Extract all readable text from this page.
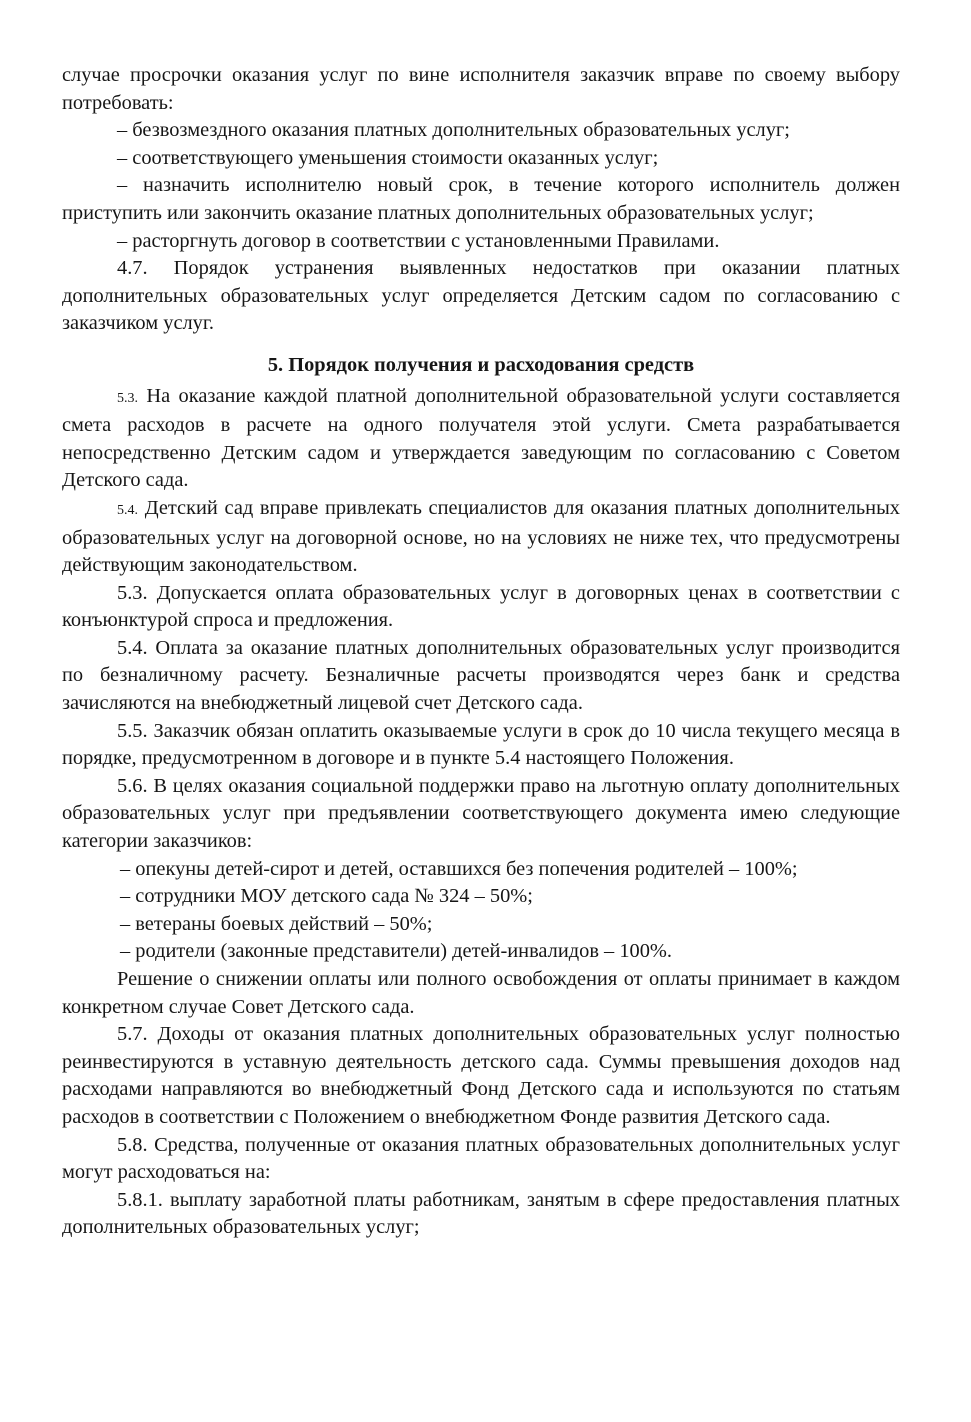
случае просрочки оказания услуг по вине исполнителя заказчик вправе по своему выбору потребовать:

– безвозмездного оказания платных дополнительных образовательных услуг;

– соответствующего уменьшения стоимости оказанных услуг;

– назначить исполнителю новый срок, в течение которого исполнитель должен приступить или закончить оказание платных дополнительных образовательных услуг;

– расторгнуть договор в соответствии с установленными Правилами.

4.7. Порядок устранения выявленных недостатков при оказании платных дополнительных образовательных услуг определяется Детским садом по согласованию с заказчиком услуг.

5. Порядок получения и расходования средств

5.3. На оказание каждой платной дополнительной образовательной услуги составляется смета расходов в расчете на одного получателя этой услуги. Смета разрабатывается непосредственно Детским садом и утверждается заведующим по согласованию с Советом Детского сада.

5.4. Детский сад вправе привлекать специалистов для оказания платных дополнительных образовательных услуг на договорной основе, но на условиях не ниже тех, что предусмотрены действующим законодательством.

5.3. Допускается оплата образовательных услуг в договорных ценах в соответствии с конъюнктурой спроса и предложения.

5.4. Оплата за оказание платных дополнительных образовательных услуг производится по безналичному расчету. Безналичные расчеты производятся через банк и средства зачисляются на внебюджетный лицевой счет Детского сада.

5.5. Заказчик обязан оплатить оказываемые услуги в срок до 10 числа текущего месяца в порядке, предусмотренном в договоре и в пункте 5.4 настоящего Положения.

5.6. В целях оказания социальной поддержки право на льготную оплату дополнительных образовательных услуг при предъявлении соответствующего документа имею следующие категории заказчиков:

– опекуны детей-сирот и детей, оставшихся без попечения родителей – 100%;

– сотрудники МОУ детского сада № 324 – 50%;

– ветераны боевых действий – 50%;

– родители (законные представители) детей-инвалидов – 100%.

Решение о снижении оплаты или полного освобождения от оплаты принимает в каждом конкретном случае Совет Детского сада.

5.7. Доходы от оказания платных дополнительных образовательных услуг полностью реинвестируются в уставную деятельность детского сада. Суммы превышения доходов над расходами направляются во внебюджетный Фонд Детского сада и используются по статьям расходов в соответствии с Положением о внебюджетном Фонде развития Детского сада.

5.8. Средства, полученные от оказания платных образовательных дополнительных услуг могут расходоваться на:

5.8.1. выплату заработной платы работникам, занятым в сфере предоставления платных дополнительных образовательных услуг;
